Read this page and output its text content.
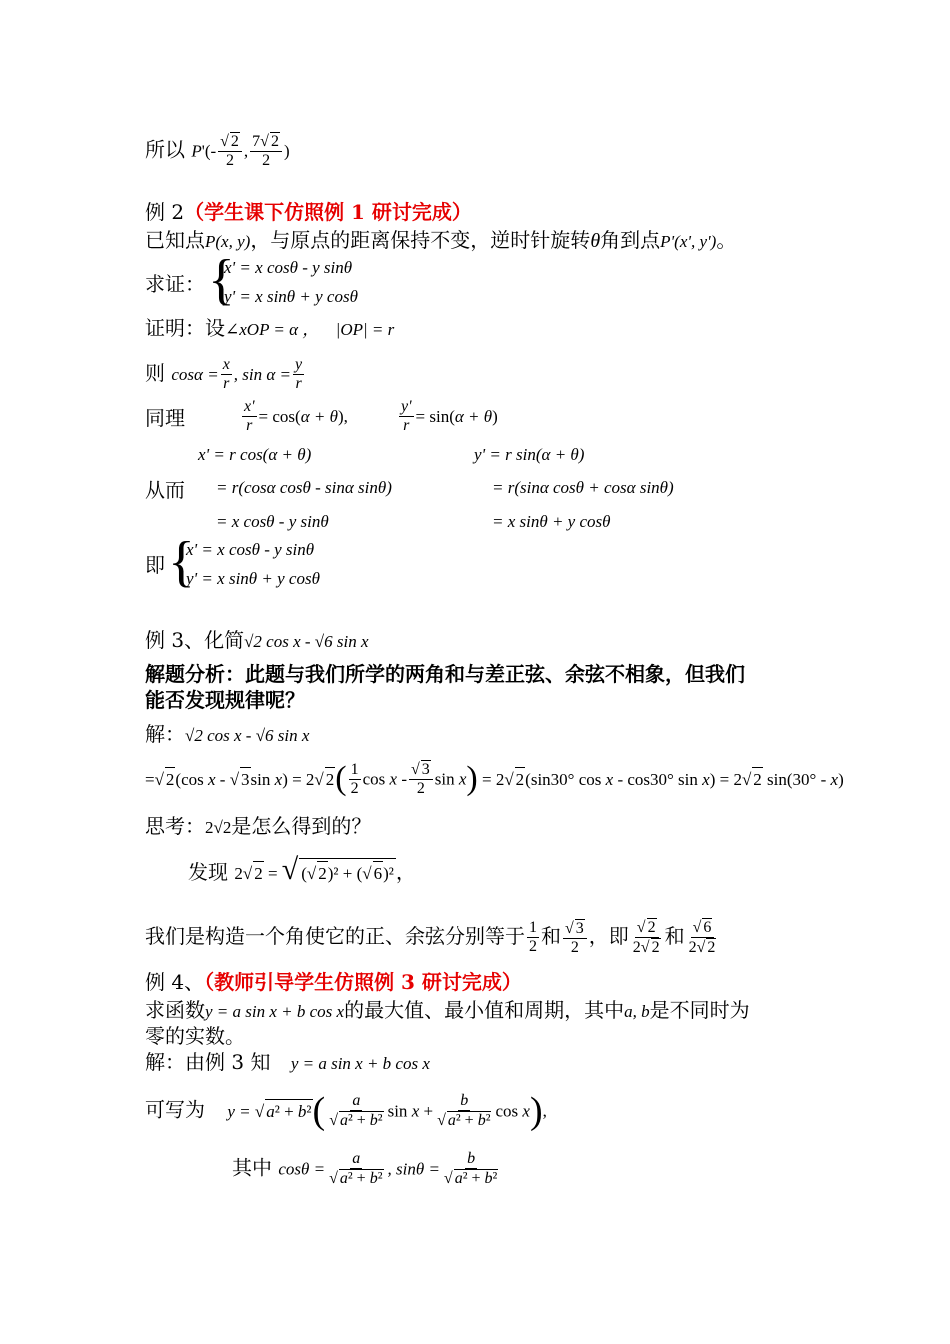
所以 $P'(- \frac{√ 2}{2}$ , $\frac{7√ 2}{2}$ )
例 2（学生课下仿照例 1 研讨完成）
已知点P(x, y)，与原点的距离保持不变，逆时针旋转θ角到点P'(x', y')。
求证： {
x' = x cosθ - y sinθ
y' = x sinθ + y cosθ
证明：设∠xOP = α ， |OP| = r
则 $\cos\alpha = \frac{x}{r}$ , $\sin \alpha = \frac{y}{r}$
同理	$\frac{x'}{r} = \cos(\alpha + \theta)$,	$\frac{y'}{r} = \sin(\alpha + \theta)$
x' = r cos(α + θ)	y' = r sin(α + θ)
从而 = r(cosα cosθ - sinα sinθ)	= r(sinα cosθ + cosα sinθ)
= x cosθ - y sinθ	= x sinθ + y cosθ
即 {
x' = x cosθ - y sinθ
y' = x sinθ + y cosθ
例 3、化简√2 cos x - √6 sin x
解题分析：此题与我们所学的两角和与差正弦、余弦不相象，但我们
能否发现规律呢？
解：√2 cos x - √6 sin x
=√ 2(cos x - √ 3sin x) = 2√ $2( \frac{1}{2}$ cos x - $\frac{√ 3}{2}$ sin x) = 2√ 2(sin30° cos x - cos30° sin x) = 2√ 2 sin(30° - x)
思考：2√2是怎么得到的？
发现 2√ 2 = √ (√ 2)² + (√ 6)² ，
我们是构造一个角使它的正、余弦分别等于 $\frac{1}{2}$ 和 $\frac{√ 3}{2}$ ，即 $\frac{√ 2}{2√ 2}$ 和 $\frac{√ 6}{2√ 2}$
例 4、（教师引导学生仿照例 3 研讨完成）
求函数y = a sin x + b cos x的最大值、最小值和周期，其中a, b是不同时为
零的实数。
解：由例 3 知 y = a sin x + b cos x
可写为 y = √ $a^2 + b^2( \frac{a}{\text{√ a² + b²}}$ $\sin x + \frac{b}{\text{√ a² + b²}}$ cos x),
其中 $\cos\theta = \frac{a}{\text{√ a² + b²}}$ , $\sin\theta = \frac{b}{\text{√ a² + b²}}$
